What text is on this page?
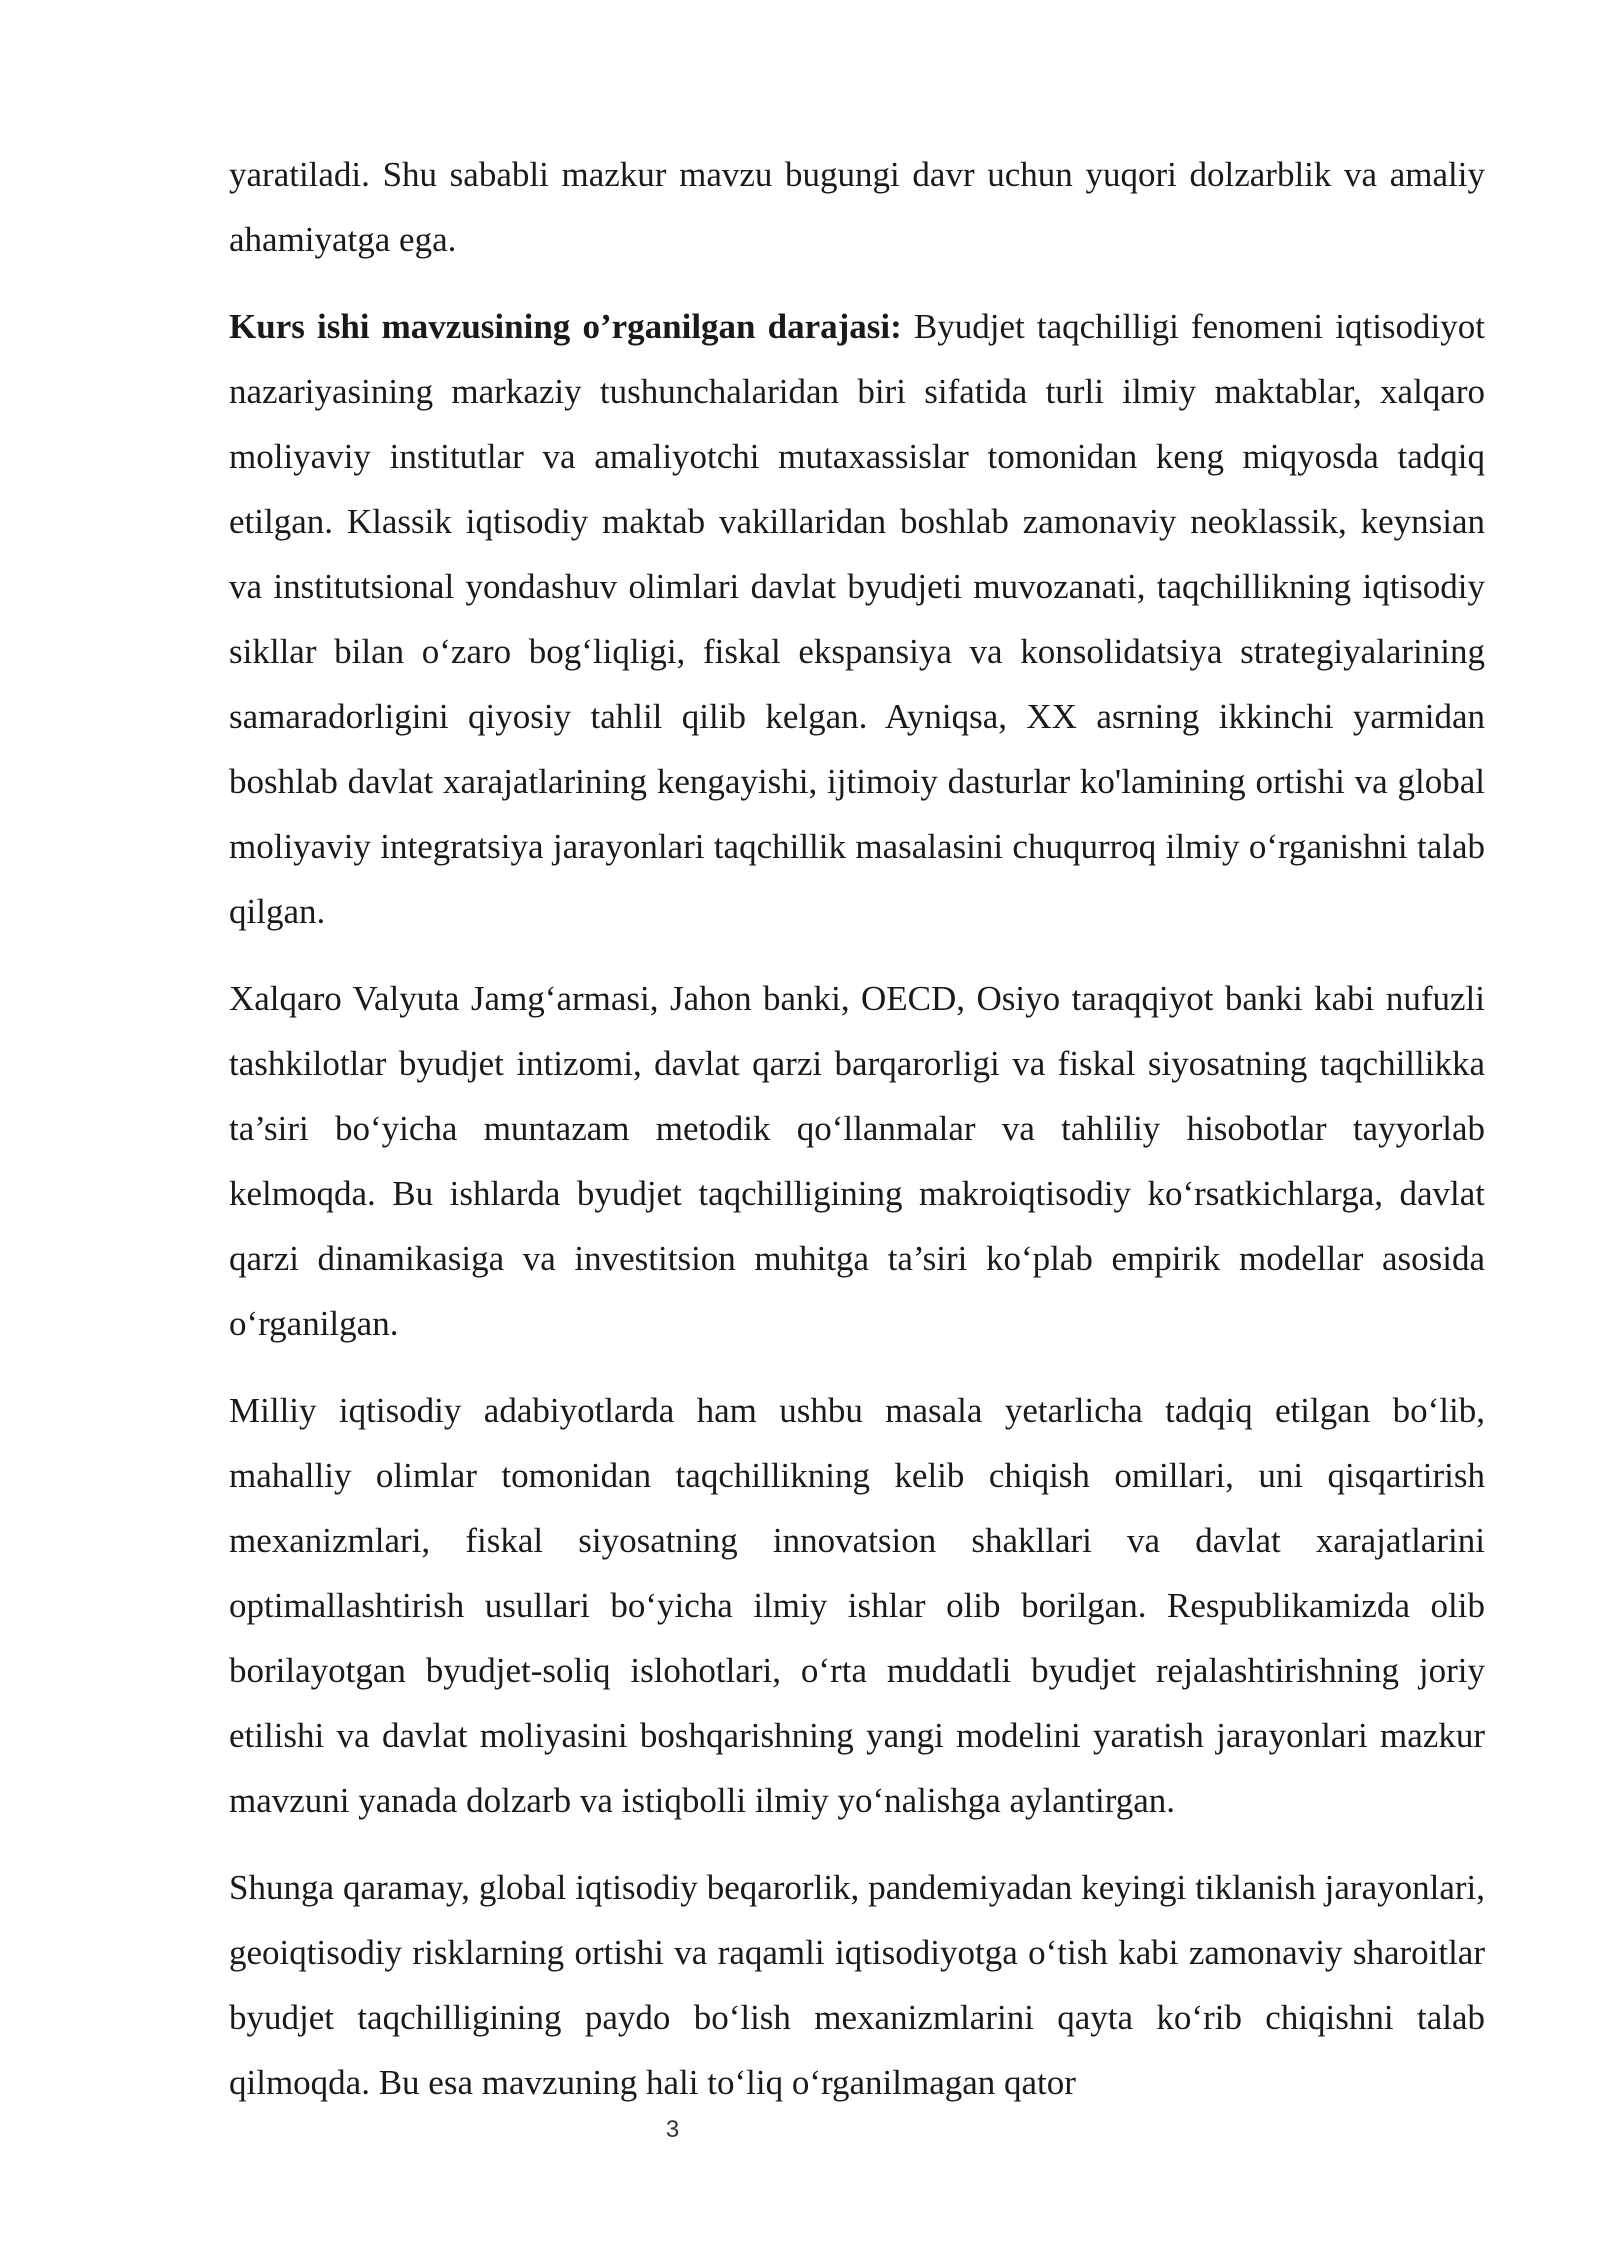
yaratiladi. Shu sababli mazkur mavzu bugungi davr uchun yuqori dolzarblik va amaliy ahamiyatga ega.

Kurs ishi mavzusining o’rganilgan darajasi: Byudjet taqchilligi fenomeni iqtisodiyot nazariyasining markaziy tushunchalaridan biri sifatida turli ilmiy maktablar, xalqaro moliyaviy institutlar va amaliyotchi mutaxassislar tomonidan keng miqyosda tadqiq etilgan. Klassik iqtisodiy maktab vakillaridan boshlab zamonaviy neoklassik, keynsian va institutsional yondashuv olimlari davlat byudjeti muvozanati, taqchillikning iqtisodiy sikllar bilan o‘zaro bog‘liqligi, fiskal ekspansiya va konsolidatsiya strategiyalarining samaradorligini qiyosiy tahlil qilib kelgan. Ayniqsa, XX asrning ikkinchi yarmidan boshlab davlat xarajatlarining kengayishi, ijtimoiy dasturlar ko'lamining ortishi va global moliyaviy integratsiya jarayonlari taqchillik masalasini chuqurroq ilmiy o‘rganishni talab qilgan.

Xalqaro Valyuta Jamg‘armasi, Jahon banki, OECD, Osiyo taraqqiyot banki kabi nufuzli tashkilotlar byudjet intizomi, davlat qarzi barqarorligi va fiskal siyosatning taqchillikka ta’siri bo‘yicha muntazam metodik qo‘llanmalar va tahliliy hisobotlar tayyorlab kelmoqda. Bu ishlarda byudjet taqchilligining makroiqtisodiy ko‘rsatkichlarga, davlat qarzi dinamikasiga va investitsion muhitga ta’siri ko‘plab empirik modellar asosida o‘rganilgan.

Milliy iqtisodiy adabiyotlarda ham ushbu masala yetarlicha tadqiq etilgan bo‘lib, mahalliy olimlar tomonidan taqchillikning kelib chiqish omillari, uni qisqartirish mexanizmlari, fiskal siyosatning innovatsion shakllari va davlat xarajatlarini optimallashtirish usullari bo‘yicha ilmiy ishlar olib borilgan. Respublikamizda olib borilayotgan byudjet-soliq islohotlari, o‘rta muddatli byudjet rejalashtirishning joriy etilishi va davlat moliyasini boshqarishning yangi modelini yaratish jarayonlari mazkur mavzuni yanada dolzarb va istiqbolli ilmiy yo‘nalishga aylantirgan.

Shunga qaramay, global iqtisodiy beqarorlik, pandemiyadan keyingi tiklanish jarayonlari, geoiqtisodiy risklarning ortishi va raqamli iqtisodiyotga o‘tish kabi zamonaviy sharoitlar byudjet taqchilligining paydo bo‘lish mexanizmlarini qayta ko‘rib chiqishni talab qilmoqda. Bu esa mavzuning hali to‘liq o‘rganilmagan qator

3
